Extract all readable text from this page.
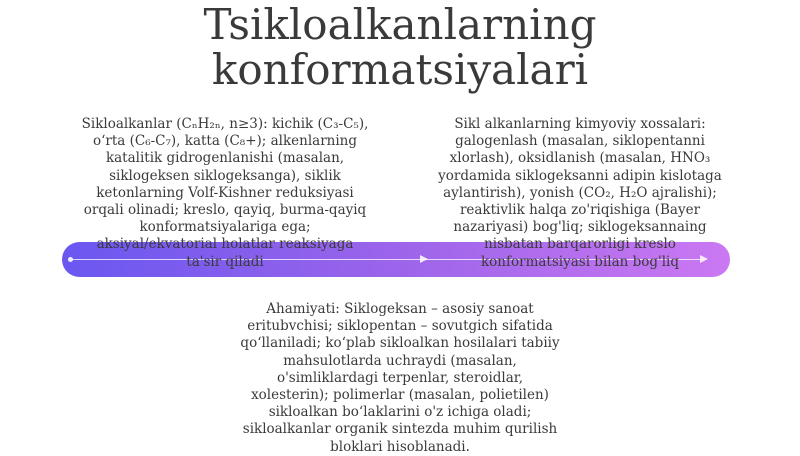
Tsikloalkanlarning
konformatsiyalari
Sikloalkanlar (CₙH₂ₙ, n≥3): kichik (C₃-C₅), o‘rta (C₆-C₇), katta (C₈+); alkenlarning katalitik gidrogenlanishi (masalan, siklogeksen siklogeksanga), siklik ketonlarning Volf-Kishner reduksiyasi orqali olinadi; kreslo, qayiq, burma-qayiq konformatsiyalariga ega; aksiyal/ekvatorial holatlar reaksiyaga ta'sir qiladi
Sikl alkanlarning kimyoviy xossalari: galogenlash (masalan, siklopentanni xlorlash), oksidlanish (masalan, HNO₃ yordamida siklogeksanni adipin kislotaga aylantirish), yonish (CO₂, H₂O ajralishi); reaktivlik halqa zo'riqishiga (Bayer nazariyasi) bog'liq; siklogeksannaing nisbatan barqarorligi kreslo konformatsiyasi bilan bog'liq
Ahamiyati: Siklogeksan – asosiy sanoat eritubvchisi; siklopentan – sovutgich sifatida qo‘llaniladi; ko‘plab sikloalkan hosilalari tabiiy mahsulotlarda uchraydi (masalan, o'simliklardagi terpenlar, steroidlar, xolesterin); polimerlar (masalan, polietilen) sikloalkan bo‘laklarini o'z ichiga oladi; sikloalkanlar organik sintezda muhim qurilish bloklari hisoblanadi.
